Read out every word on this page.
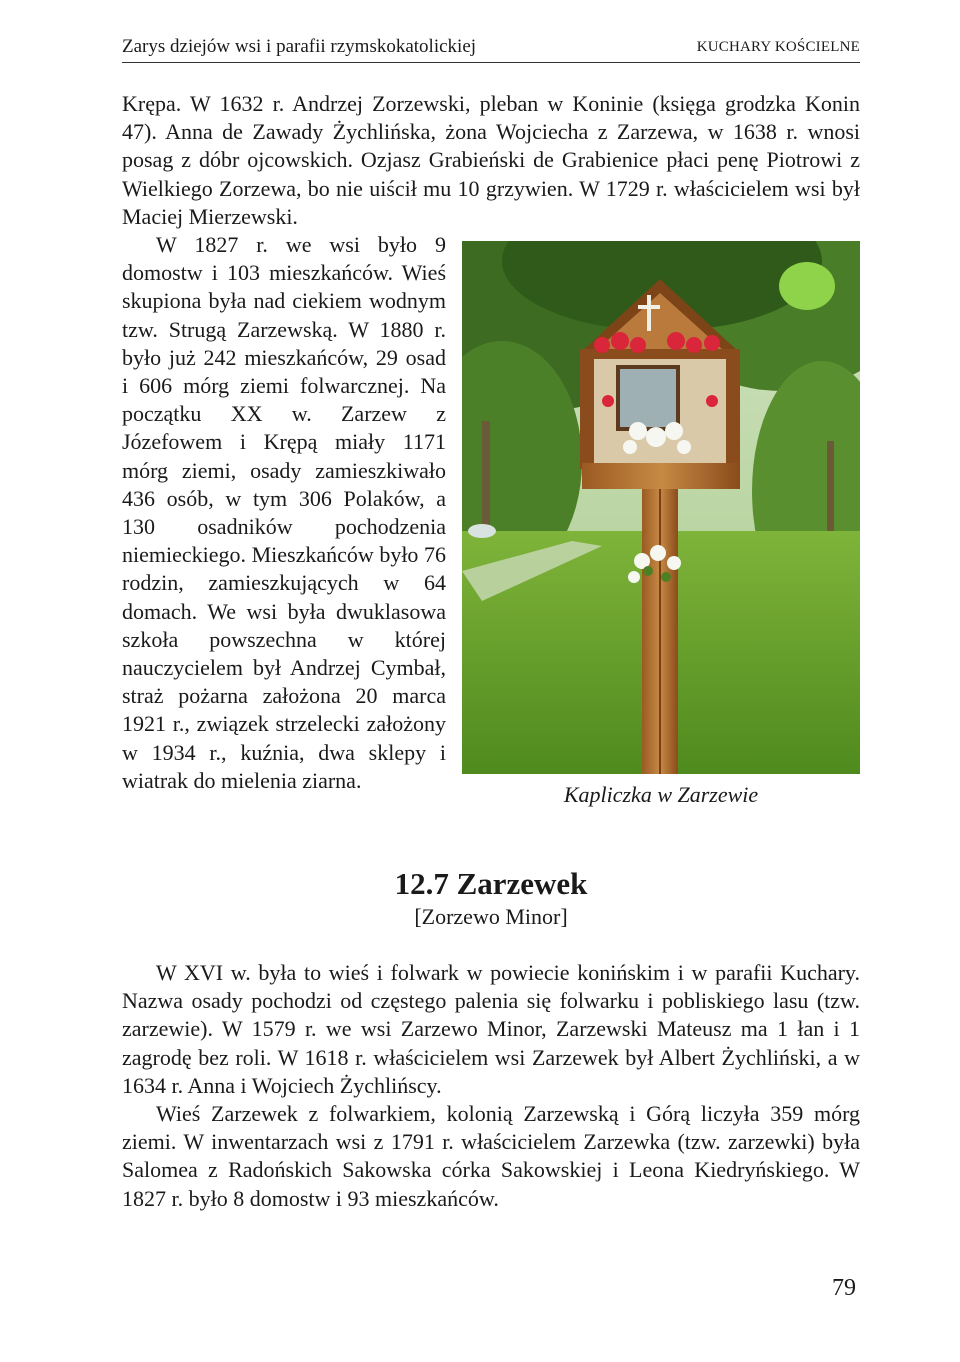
Zarys dziejów wsi i parafii rzymskokatolickiej	KUCHARY KOŚCIELNE

Krępa. W 1632 r. Andrzej Zorzewski, pleban w Koninie (księga grodzka Konin 47). Anna de Zawady Żychlińska, żona Wojciecha z Zarzewa, w 1638 r. wnosi posag z dóbr ojcowskich. Ozjasz Grabieński de Grabienice płaci penę Piotrowi z Wielkiego Zorzewa, bo nie uiścił mu 10 grzywien. W 1729 r. właścicielem wsi był Maciej Mierzewski.

W 1827 r. we wsi było 9 domostw i 103 mieszkańców. Wieś skupiona była nad ciekiem wodnym tzw. Strugą Zarzewską. W 1880 r. było już 242 mieszkańców, 29 osad i 606 mórg ziemi folwarcznej. Na początku XX w. Zarzew z Józefowem i Krępą miały 1171 mórg ziemi, osady zamieszkiwało 436 osób, w tym 306 Polaków, a 130 osadników pochodzenia niemieckiego. Mieszkańców było 76 rodzin, zamieszkujących w 64 domach. We wsi była dwuklasowa szkoła powszechna w której nauczycielem był Andrzej Cymbał, straż pożarna założona 20 marca 1921 r., związek strzelecki założony w 1934 r., kuźnia, dwa sklepy i wiatrak do mielenia ziarna.

Kapliczka w Zarzewie
12.7 Zarzewek
[Zorzewo Minor]

W XVI w. była to wieś i folwark w powiecie konińskim i w parafii Kuchary. Nazwa osady pochodzi od częstego palenia się folwarku i pobliskiego lasu (tzw. zarzewie). W 1579 r. we wsi Zarzewo Minor, Zarzewski Mateusz ma 1 łan i 1 zagrodę bez roli. W 1618 r. właścicielem wsi Zarzewek był Albert Żychliński, a w 1634 r. Anna i Wojciech Żychlińscy.

Wieś Zarzewek z folwarkiem, kolonią Zarzewską i Górą liczyła 359 mórg ziemi. W inwentarzach wsi z 1791 r. właścicielem Zarzewka (tzw. zarzewki) była Salomea z Radońskich Sakowska córka Sakowskiej i Leona Kiedryńskiego. W 1827 r. było 8 domostw i 93 mieszkańców.

79
